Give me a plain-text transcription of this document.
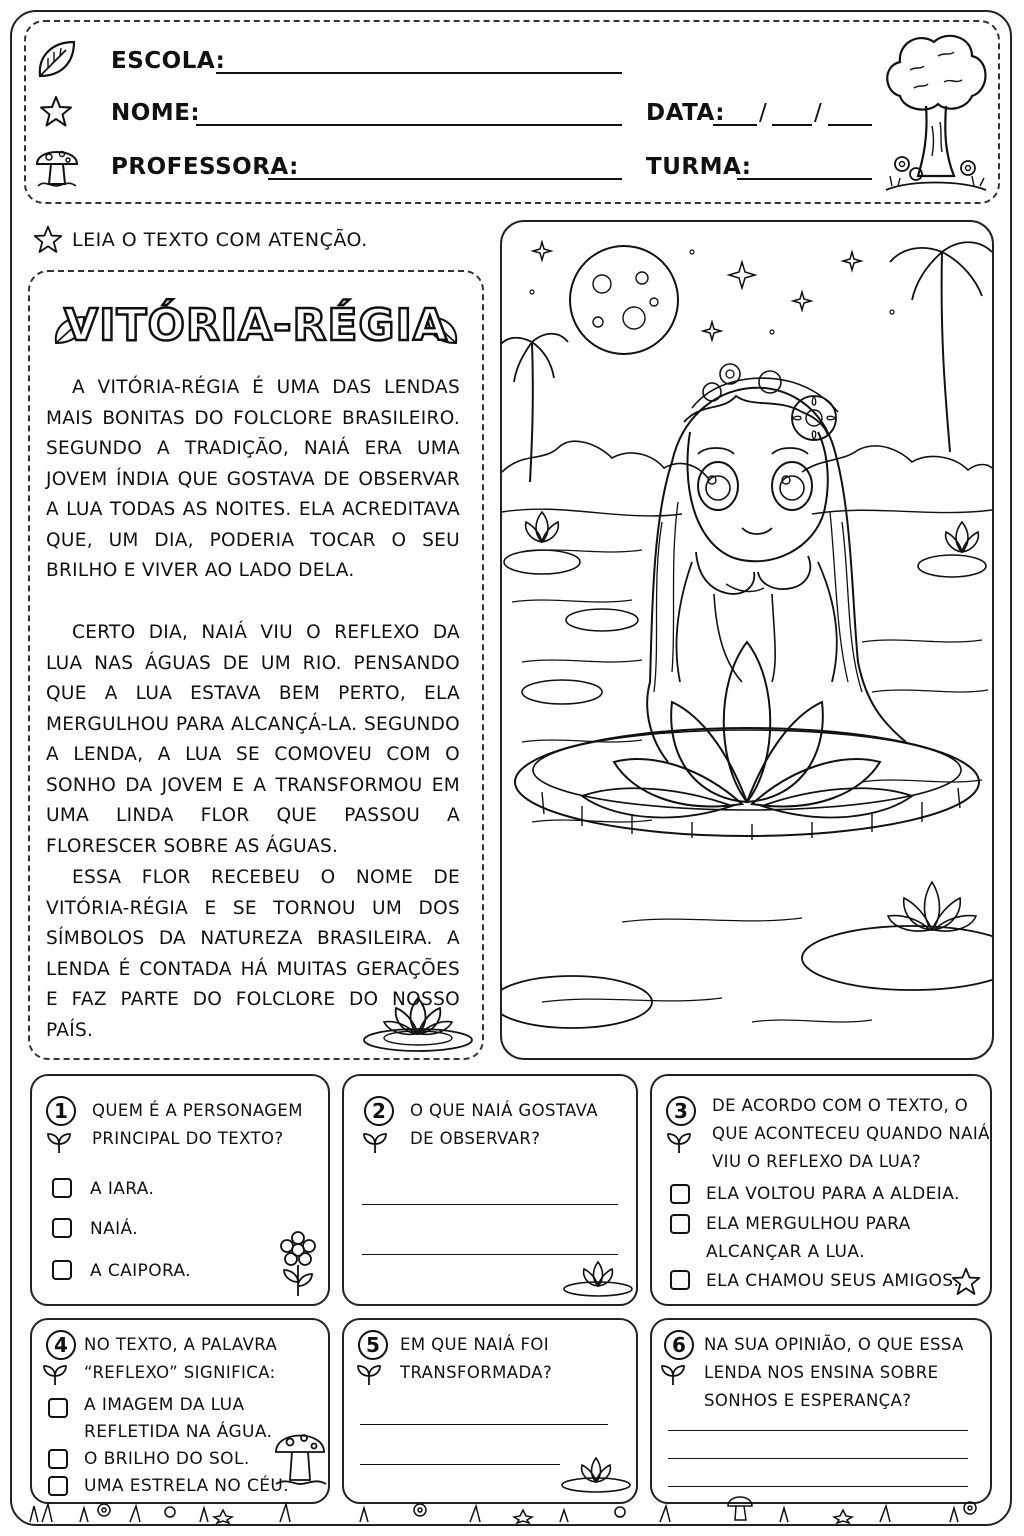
ESCOLA:
NOME:	DATA: / /
PROFESSORA:	TURMA:
LEIA O TEXTO COM ATENÇÃO.
VITÓRIA-RÉGIA

A VITÓRIA-RÉGIA É UMA DAS LENDAS MAIS BONITAS DO FOLCLORE BRASILEIRO. SEGUNDO A TRADIÇÃO, NAIÁ ERA UMA JOVEM ÍNDIA QUE GOSTAVA DE OBSERVAR A LUA TODAS AS NOITES. ELA ACREDITAVA QUE, UM DIA, PODERIA TOCAR O SEU BRILHO E VIVER AO LADO DELA.

CERTO DIA, NAIÁ VIU O REFLEXO DA LUA NAS ÁGUAS DE UM RIO. PENSANDO QUE A LUA ESTAVA BEM PERTO, ELA MERGULHOU PARA ALCANÇÁ-LA. SEGUNDO A LENDA, A LUA SE COMOVEU COM O SONHO DA JOVEM E A TRANSFORMOU EM UMA LINDA FLOR QUE PASSOU A FLORESCER SOBRE AS ÁGUAS.

ESSA FLOR RECEBEU O NOME DE VITÓRIA-RÉGIA E SE TORNOU UM DOS SÍMBOLOS DA NATUREZA BRASILEIRA. A LENDA É CONTADA HÁ MUITAS GERAÇÕES E FAZ PARTE DO FOLCLORE DO NOSSO PAÍS.

1	QUEM É A PERSONAGEM
PRINCIPAL DO TEXTO?
A IARA.
NAIÁ.
A CAIPORA.
2	O QUE NAIÁ GOSTAVA
DE OBSERVAR?
3	DE ACORDO COM O TEXTO, O
QUE ACONTECEU QUANDO NAIÁ
VIU O REFLEXO DA LUA?
ELA VOLTOU PARA A ALDEIA.
ELA MERGULHOU PARA
ALCANÇAR A LUA.
ELA CHAMOU SEUS AMIGOS.
4 NO TEXTO, A PALAVRA
“REFLEXO” SIGNIFICA:
A IMAGEM DA LUA
REFLETIDA NA ÁGUA.
O BRILHO DO SOL.
UMA ESTRELA NO CÉU.
5	EM QUE NAIÁ FOI
TRANSFORMADA?
6	NA SUA OPINIÃO, O QUE ESSA
LENDA NOS ENSINA SOBRE
SONHOS E ESPERANÇA?
